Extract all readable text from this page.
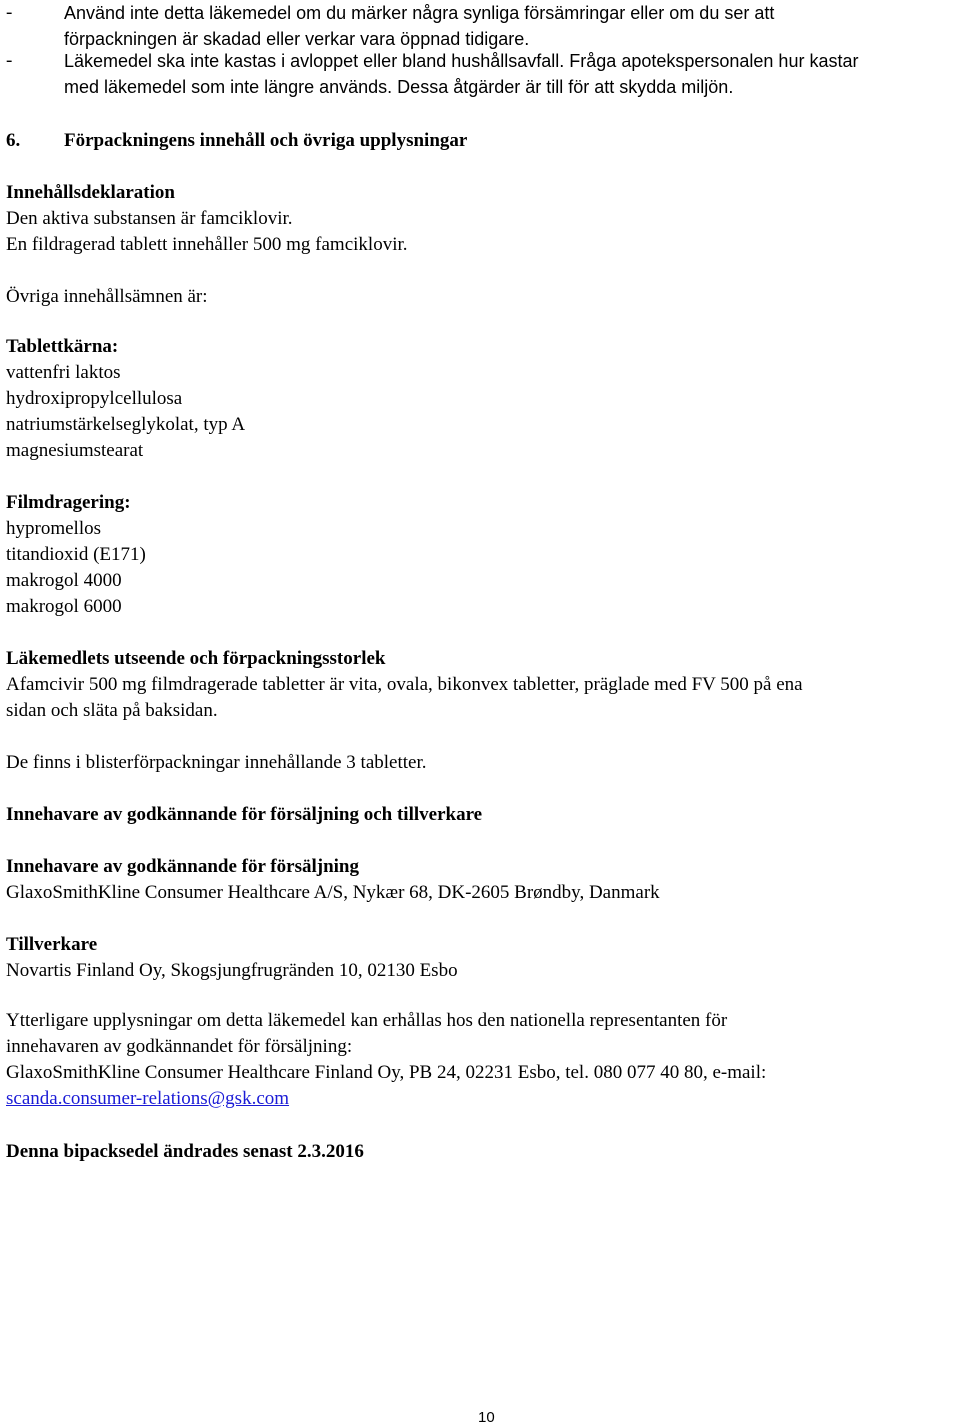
-	Använd inte detta läkemedel om du märker några synliga försämringar eller om du ser att
förpackningen är skadad eller verkar vara öppnad tidigare.
-	Läkemedel ska inte kastas i avloppet eller bland hushållsavfall. Fråga apotekspersonalen hur kastar
med läkemedel som inte längre används. Dessa åtgärder är till för att skydda miljön.
6. Förpackningens innehåll och övriga upplysningar
Innehållsdeklaration
Den aktiva substansen är famciklovir.
En fildragerad tablett innehåller 500 mg famciklovir.
Övriga innehållsämnen är:
Tablettkärna:
vattenfri laktos
hydroxipropylcellulosa
natriumstärkelseglykolat, typ A
magnesiumstearat
Filmdragering:
hypromellos
titandioxid (E171)
makrogol 4000
makrogol 6000
Läkemedlets utseende och förpackningsstorlek
Afamcivir 500 mg filmdragerade tabletter är vita, ovala, bikonvex tabletter, präglade med FV 500 på ena
sidan och släta på baksidan.
De finns i blisterförpackningar innehållande 3 tabletter.
Innehavare av godkännande för försäljning och tillverkare
Innehavare av godkännande för försäljning
GlaxoSmithKline Consumer Healthcare A/S, Nykær 68, DK-2605 Brøndby, Danmark
Tillverkare
Novartis Finland Oy, Skogsjungfrugränden 10, 02130 Esbo
Ytterligare upplysningar om detta läkemedel kan erhållas hos den nationella representanten för
innehavaren av godkännandet för försäljning:
GlaxoSmithKline Consumer Healthcare Finland Oy, PB 24, 02231 Esbo, tel. 080 077 40 80, e-mail:
scanda.consumer-relations@gsk.com
Denna bipacksedel ändrades senast 2.3.2016
10
